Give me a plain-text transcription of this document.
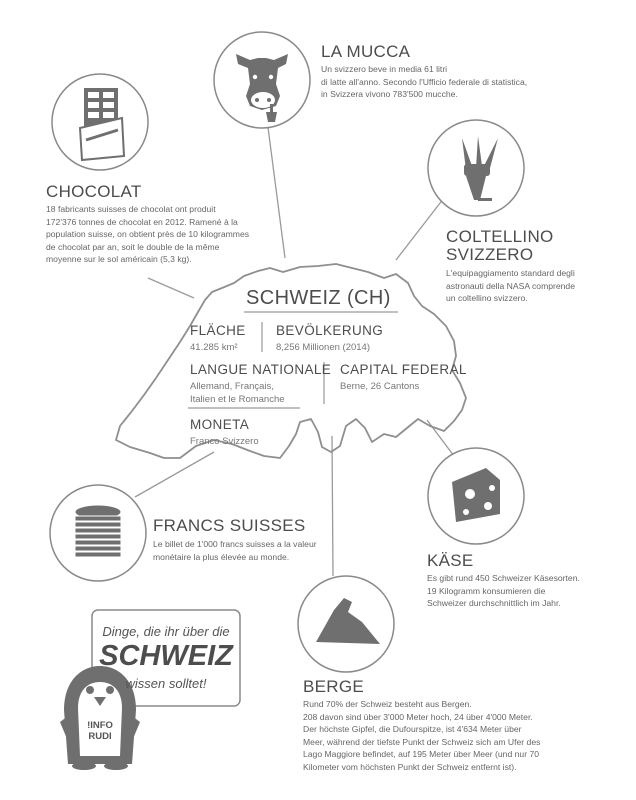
LA MUCCA
Un svizzero beve in media 61 litri
di latte all'anno. Secondo l'Ufficio federale di statistica,
in Svizzera vivono 783'500 mucche.
CHOCOLAT
18 fabricants suisses de chocolat ont produit
172'376 tonnes de chocolat en 2012. Ramené à la
population suisse, on obtient près de 10 kilogrammes
de chocolat par an, soit le double de la même
moyenne sur le sol américain (5,3 kg).
COLTELLINO
SVIZZERO
L'equipaggiamento standard degli
astronauti della NASA comprende
un coltellino svizzero.
SCHWEIZ (CH)
FLÄCHE
41.285 km²
BEVÖLKERUNG
8,256 Millionen (2014)
LANGUE NATIONALE
Allemand, Français,
Italien et le Romanche
CAPITAL FEDERAL
Berne, 26 Cantons
MONETA
Franco Svizzero
FRANCS SUISSES
Le billet de 1'000 francs suisses a la valeur
monétaire la plus élevée au monde.	KÄSE
Es gibt rund 450 Schweizer Käsesorten.
19 Kilogramm konsumieren die
Schweizer durchschnittlich im Jahr.
BERGE
Rund 70% der Schweiz besteht aus Bergen.
208 davon sind über 3'000 Meter hoch, 24 über 4'000 Meter.
Der höchste Gipfel, die Dufourspitze, ist 4'634 Meter über
Meer, während der tiefste Punkt der Schweiz sich am Ufer des
Lago Maggiore befindet, auf 195 Meter über Meer (und nur 70
Kilometer vom höchsten Punkt der Schweiz entfernt ist).
Dinge, die ihr über die
SCHWEIZ
wissen solltet!
!INFO
RUDI
